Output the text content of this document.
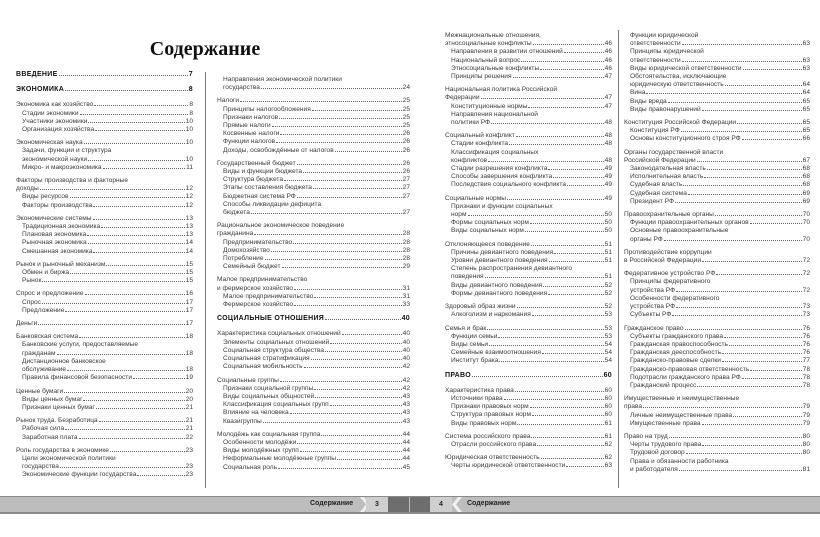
Содержание
ВВЕДЕНИЕ	7
ЭКОНОМИКА	8
Экономика как хозяйство	8
Стадии экономики	8
Участники экономики	10
Организация хозяйства	10
Экономическая наука	10
Задачи, функции и структура
экономической науки	10
Микро- и макроэкономика	11
Факторы производства и факторные
доходы	12
Виды ресурсов	12
Факторы производства	12
Экономические системы	13
Традиционная экономика	13
Плановая экономика	13
Рыночная экономика	14
Смешанная экономика	14
Рынок и рыночный механизм	15
Обмен и биржа	15
Рынок	15
Спрос и предложение	16
Спрос	17
Предложение	17
Деньги	17
Банковская система	18
Банковские услуги, предоставляемые
гражданам	18
Дистанционное банковское
обслуживание	18
Правила финансовой безопасности	19
Ценные бумаги	20
Виды ценных бумаг	20
Признаки ценных бумаг	21
Рынок труда. Безработица	21
Рабочая сила	21
Заработная плата	22
Роль государства в экономике	23
Цели экономической политики
государства	23
Экономические функции государства	23
Направления экономической политики
государства	24
Налоги	25
Принципы налогообложения	25
Признаки налогов	25
Прямые налоги	25
Косвенные налоги	26
Функции налогов	26
Доходы, освобождённые от налогов	26
Государственный бюджет	26
Виды и функции бюджета	26
Структура бюджета	27
Этапы составления бюджета	27
Бюджетная система РФ	27
Способы ликвидации дефицита
бюджета	27
Рациональное экономическое поведение
гражданина	28
Предпринимательство	28
Домохозяйство	28
Потребление	28
Семейный бюджет	29
Малое предпринимательство
и фермерское хозяйство	31
Малое предпринимательство	31
Фермерское хозяйство	33
СОЦИАЛЬНЫЕ ОТНОШЕНИЯ	40
Характеристика социальных отношений	40
Элементы социальных отношений	40
Социальная структура общества	40
Социальная стратификация	40
Социальная мобильность	42
Социальные группы	42
Признаки социальной группы	42
Виды социальных общностей	43
Классификация социальных групп	43
Влияние на человека	43
Квазигруппы	43
Молодёжь как социальная группа	44
Особенности молодёжи	44
Виды молодёжных групп	44
Неформальные молодёжные группы	44
Социальная роль	45
Межнациональные отношения,
этносоциальные конфликты	46
Направления в развитии отношений	46
Национальный вопрос	46
Этносоциальные конфликты	46
Принципы решения	47
Национальная политика Российской
Федерации	47
Конституционные нормы	47
Направления национальной
политики РФ	48
Социальный конфликт	48
Стадии конфликта	48
Классификация социальных
конфликтов	48
Стадии разрешения конфликта	49
Способы завершения конфликта	49
Последствия социального конфликта	49
Социальные нормы	49
Признаки и функции социальных
норм	50
Формы социальных норм	50
Виды социальных норм	50
Отклоняющееся поведение	51
Причины девиантного поведения	51
Уровни девиантного поведения	51
Степень распространения девиантного
поведения	51
Виды девиантного поведения	52
Формы девиантного поведения	52
Здоровый образ жизни	52
Алкоголизм и наркомания	53
Семья и брак	53
Функции семьи	53
Виды семьи	54
Семейные взаимоотношения	54
Институт брака	54
ПРАВО	60
Характеристика права	60
Источники права	60
Признаки правовых норм	60
Структура правовых норм	60
Виды правовых норм	61
Система российского права	61
Отрасли российского права	62
Юридическая ответственность	62
Черты юридической ответственности	63
Функции юридической
ответственности	63
Принципы юридической
ответственности	63
Виды юридической ответственности	63
Обстоятельства, исключающие
юридическую ответственность	64
Вина	64
Виды вреда	65
Виды правонарушений	65
Конституция Российской Федерации	65
Конституция РФ	65
Основы конституционного строя РФ	66
Органы государственной власти
Российской Федерации	67
Законодательная власть	68
Исполнительная власть	68
Судебная власть	68
Судебная система	69
Президент РФ	69
Правоохранительные органы	70
Функции правоохранительных органов	70
Основные правоохранительные
органы РФ	70
Противодействие коррупции
в Российской Федерации	72
Федеративное устройство РФ	72
Принципы федеративного
устройства РФ	72
Особенности федеративного
устройства РФ	73
Субъекты РФ	73
Гражданское право	76
Субъекты гражданского права	76
Гражданская правоспособность	76
Гражданская дееспособность	76
Гражданско-правовые сделки	77
Гражданско-правовая ответственность	78
Подотрасли гражданского права РФ	78
Гражданский процесс	78
Имущественные и неимущественные
права	79
Личные неимущественные права	79
Имущественные права	79
Право на труд	80
Черты трудового права	80
Трудовой договор	80
Права и обязанности работника
и работодателя	81
Содержание	3	4	Содержание
